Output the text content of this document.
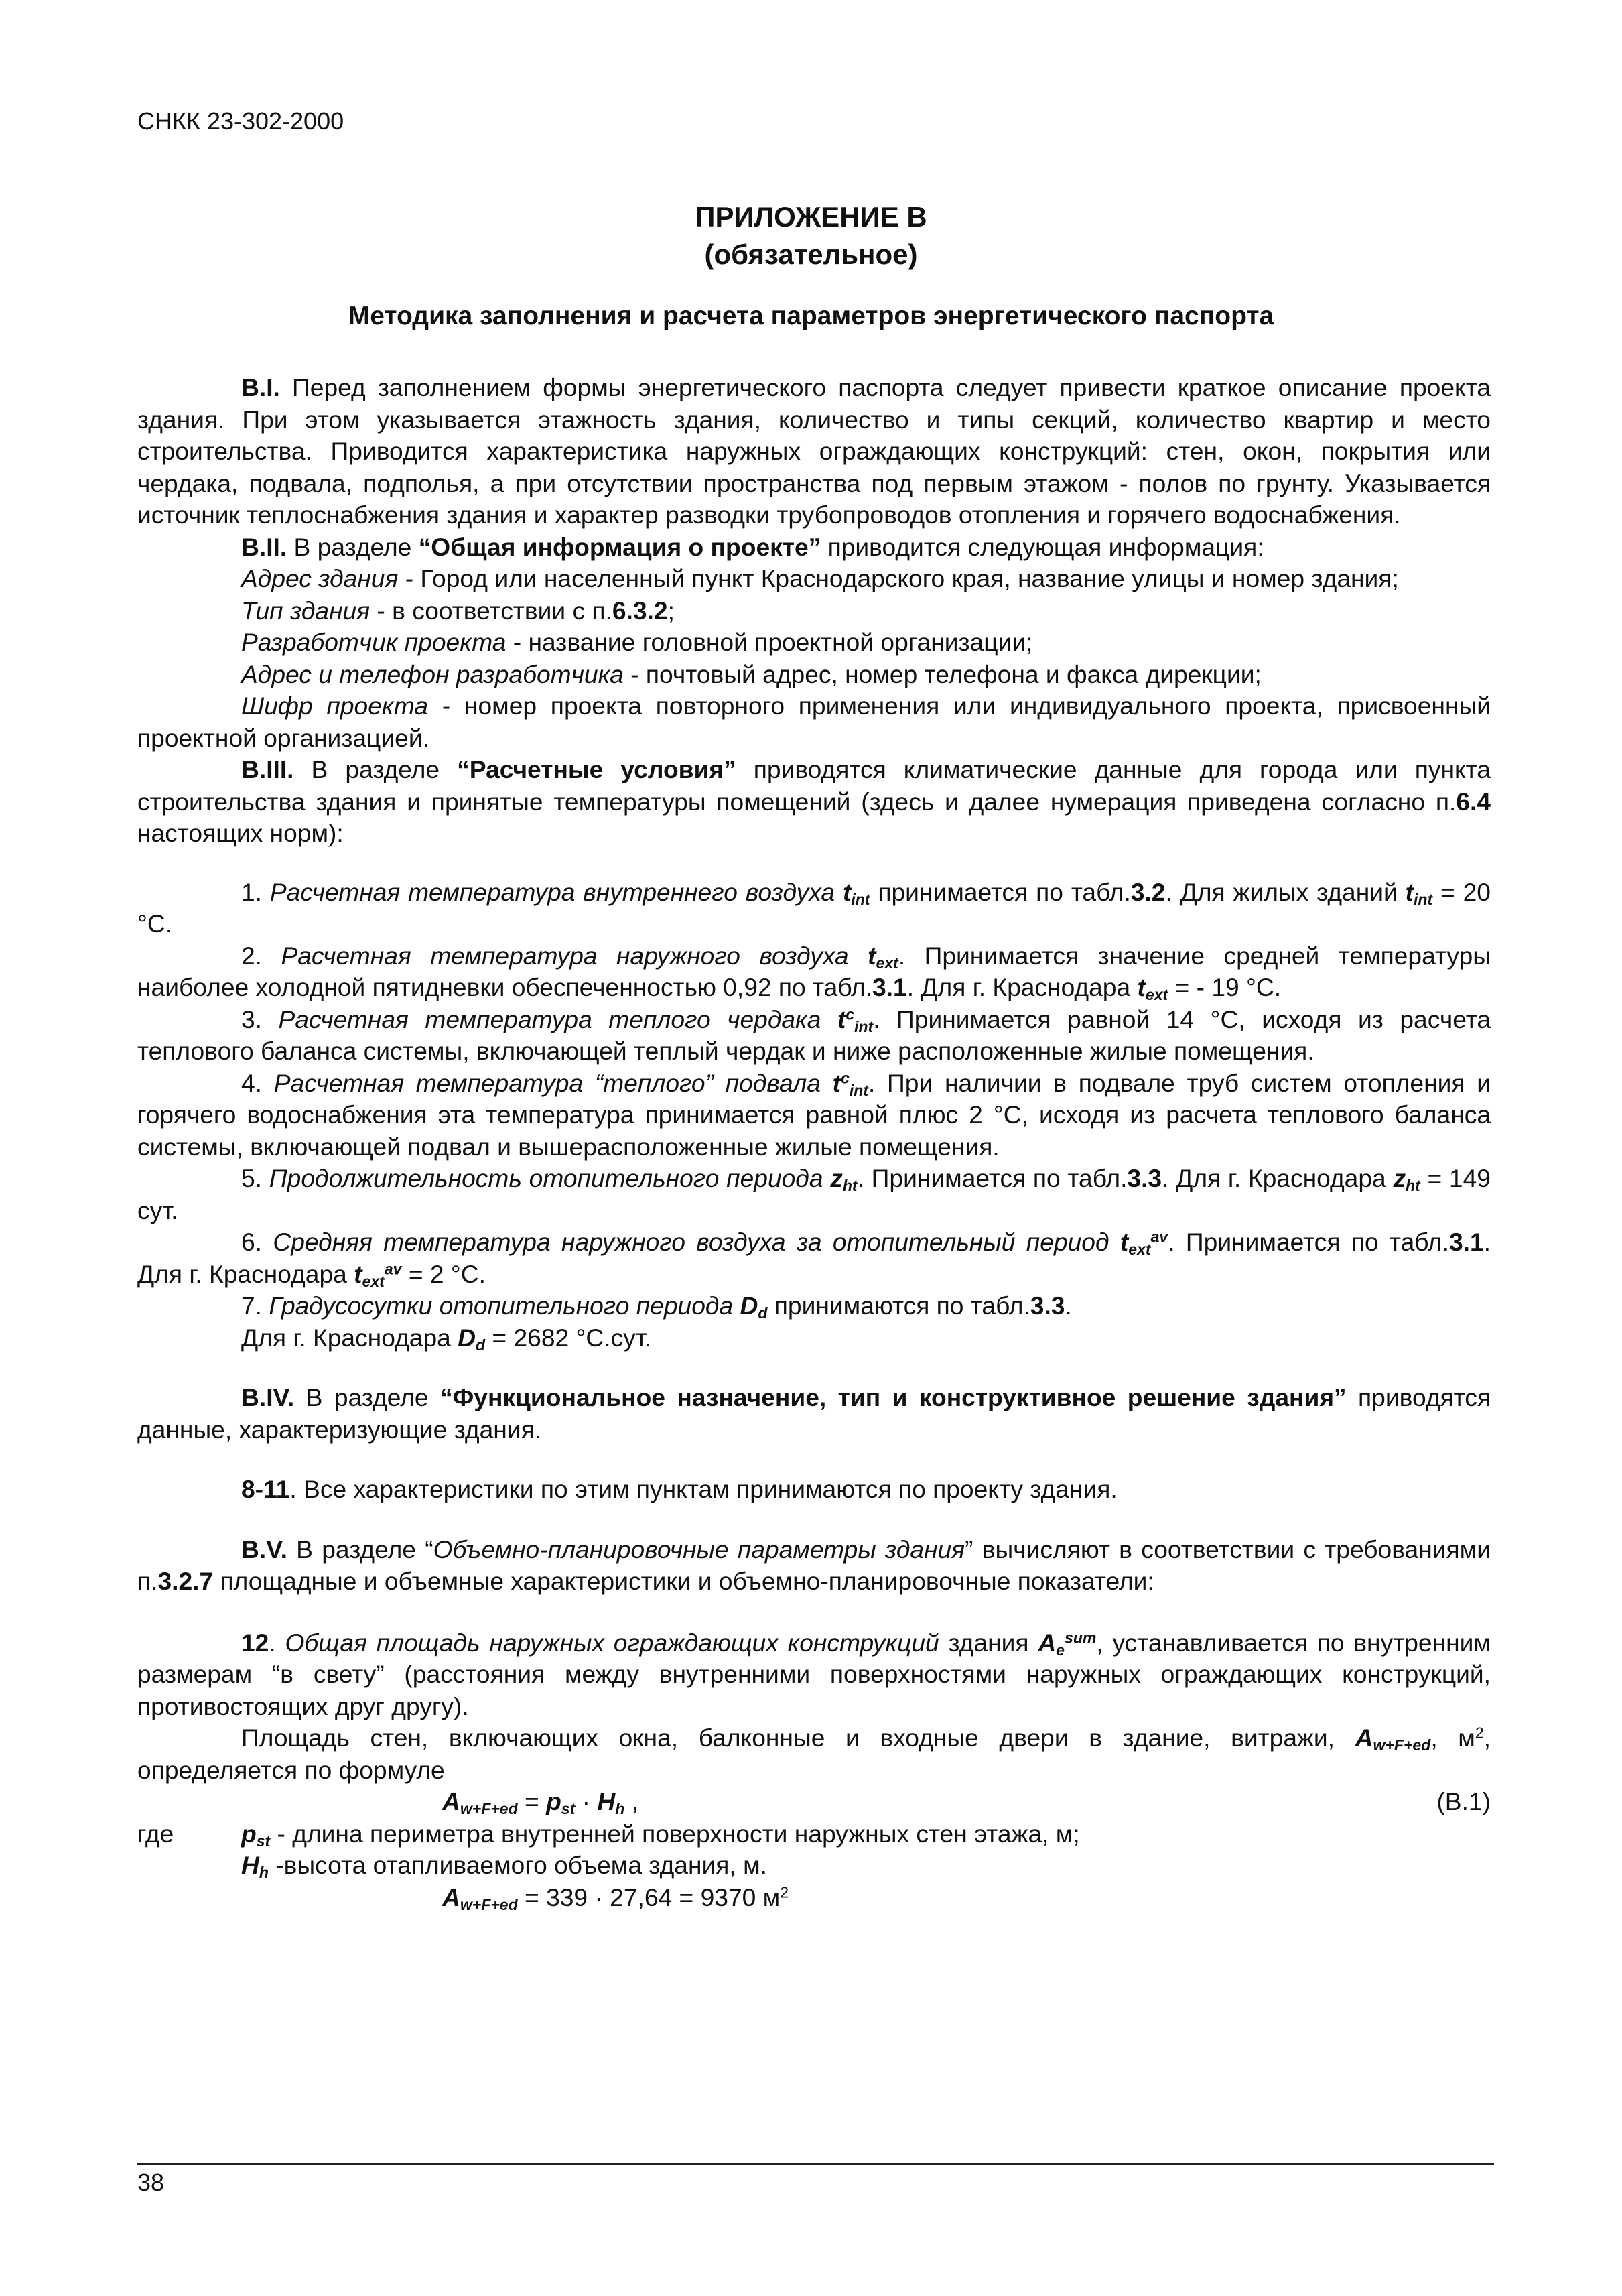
СНКК 23-302-2000
ПРИЛОЖЕНИЕ В
(обязательное)
Методика заполнения и расчета параметров энергетического паспорта

В.I. Перед заполнением формы энергетического паспорта следует привести краткое описание проекта здания. При этом указывается этажность здания, количество и типы секций, количество квартир и место строительства. Приводится характеристика наружных ограждающих конструкций: стен, окон, покрытия или чердака, подвала, подполья, а при отсутствии пространства под первым этажом - полов по грунту. Указывается источник теплоснабжения здания и характер разводки трубопроводов отопления и горячего водоснабжения.

В.II. В разделе “Общая информация о проекте” приводится следующая информация:

Адрес здания - Город или населенный пункт Краснодарского края, название улицы и номер здания;

Тип здания - в соответствии с п.6.3.2;

Разработчик проекта - название головной проектной организации;

Адрес и телефон разработчика - почтовый адрес, номер телефона и факса дирекции;

Шифр проекта - номер проекта повторного применения или индивидуального проекта, присвоенный проектной организацией.

В.III. В разделе “Расчетные условия” приводятся климатические данные для города или пункта строительства здания и принятые температуры помещений (здесь и далее нумерация приведена согласно п.6.4 настоящих норм):

1. Расчетная температура внутреннего воздуха $t_{int}$ принимается по табл.3.2. Для жилых зданий $t_{int} = 20$ °С.

2. Расчетная температура наружного воздуха $t_{ext}$. Принимается значение средней температуры наиболее холодной пятидневки обеспеченностью 0,92 по табл.3.1. Для г. Краснодара $t_{ext}$ = - 19 °С.

3. Расчетная температура теплого чердака $t^c_{int}$. Принимается равной 14 °С, исходя из расчета теплового баланса системы, включающей теплый чердак и ниже расположенные жилые помещения.

4. Расчетная температура “теплого” подвала $t^c_{int}$. При наличии в подвале труб систем отопления и горячего водоснабжения эта температура принимается равной плюс 2 °С, исходя из расчета теплового баланса системы, включающей подвал и вышерасположенные жилые помещения.

5. Продолжительность отопительного периода $z_{ht}$. Принимается по табл.3.3. Для г. Краснодара $z_{ht} = 149$ сут.

6. Средняя температура наружного воздуха за отопительный период $t_{ext}^{av}$. Принимается по табл.3.1. Для г. Краснодара $t_{ext}^{av} = 2$ °С.

7. Градусосутки отопительного периода $D_d$ принимаются по табл.3.3.

Для г. Краснодара $D_d = 2682$ °С.сут.

В.IV. В разделе “Функциональное назначение, тип и конструктивное решение здания” приводятся данные, характеризующие здания.

8-11. Все характеристики по этим пунктам принимаются по проекту здания.

В.V. В разделе “Объемно-планировочные параметры здания” вычисляют в соответствии с требованиями п.3.2.7 площадные и объемные характеристики и объемно-планировочные показатели:

12. Общая площадь наружных ограждающих конструкций здания $A_e^{sum}$, устанавливается по внутренним размерам “в свету” (расстояния между внутренними поверхностями наружных ограждающих конструкций, противостоящих друг другу).

Площадь стен, включающих окна, балконные и входные двери в здание, витражи, $A_{w+F+ed}$, $м^2$, определяется по формуле

$A_{w+F+ed} = p_{st} \cdot H_h$ ,	(В.1)
где	$p_{st}$ - длина периметра внутренней поверхности наружных стен этажа, м;

$H_h$ -высота отапливаемого объема здания, м.

$A_{w+F+ed} = 339 \cdot 27,64 = 9370$ $м^2$

38
